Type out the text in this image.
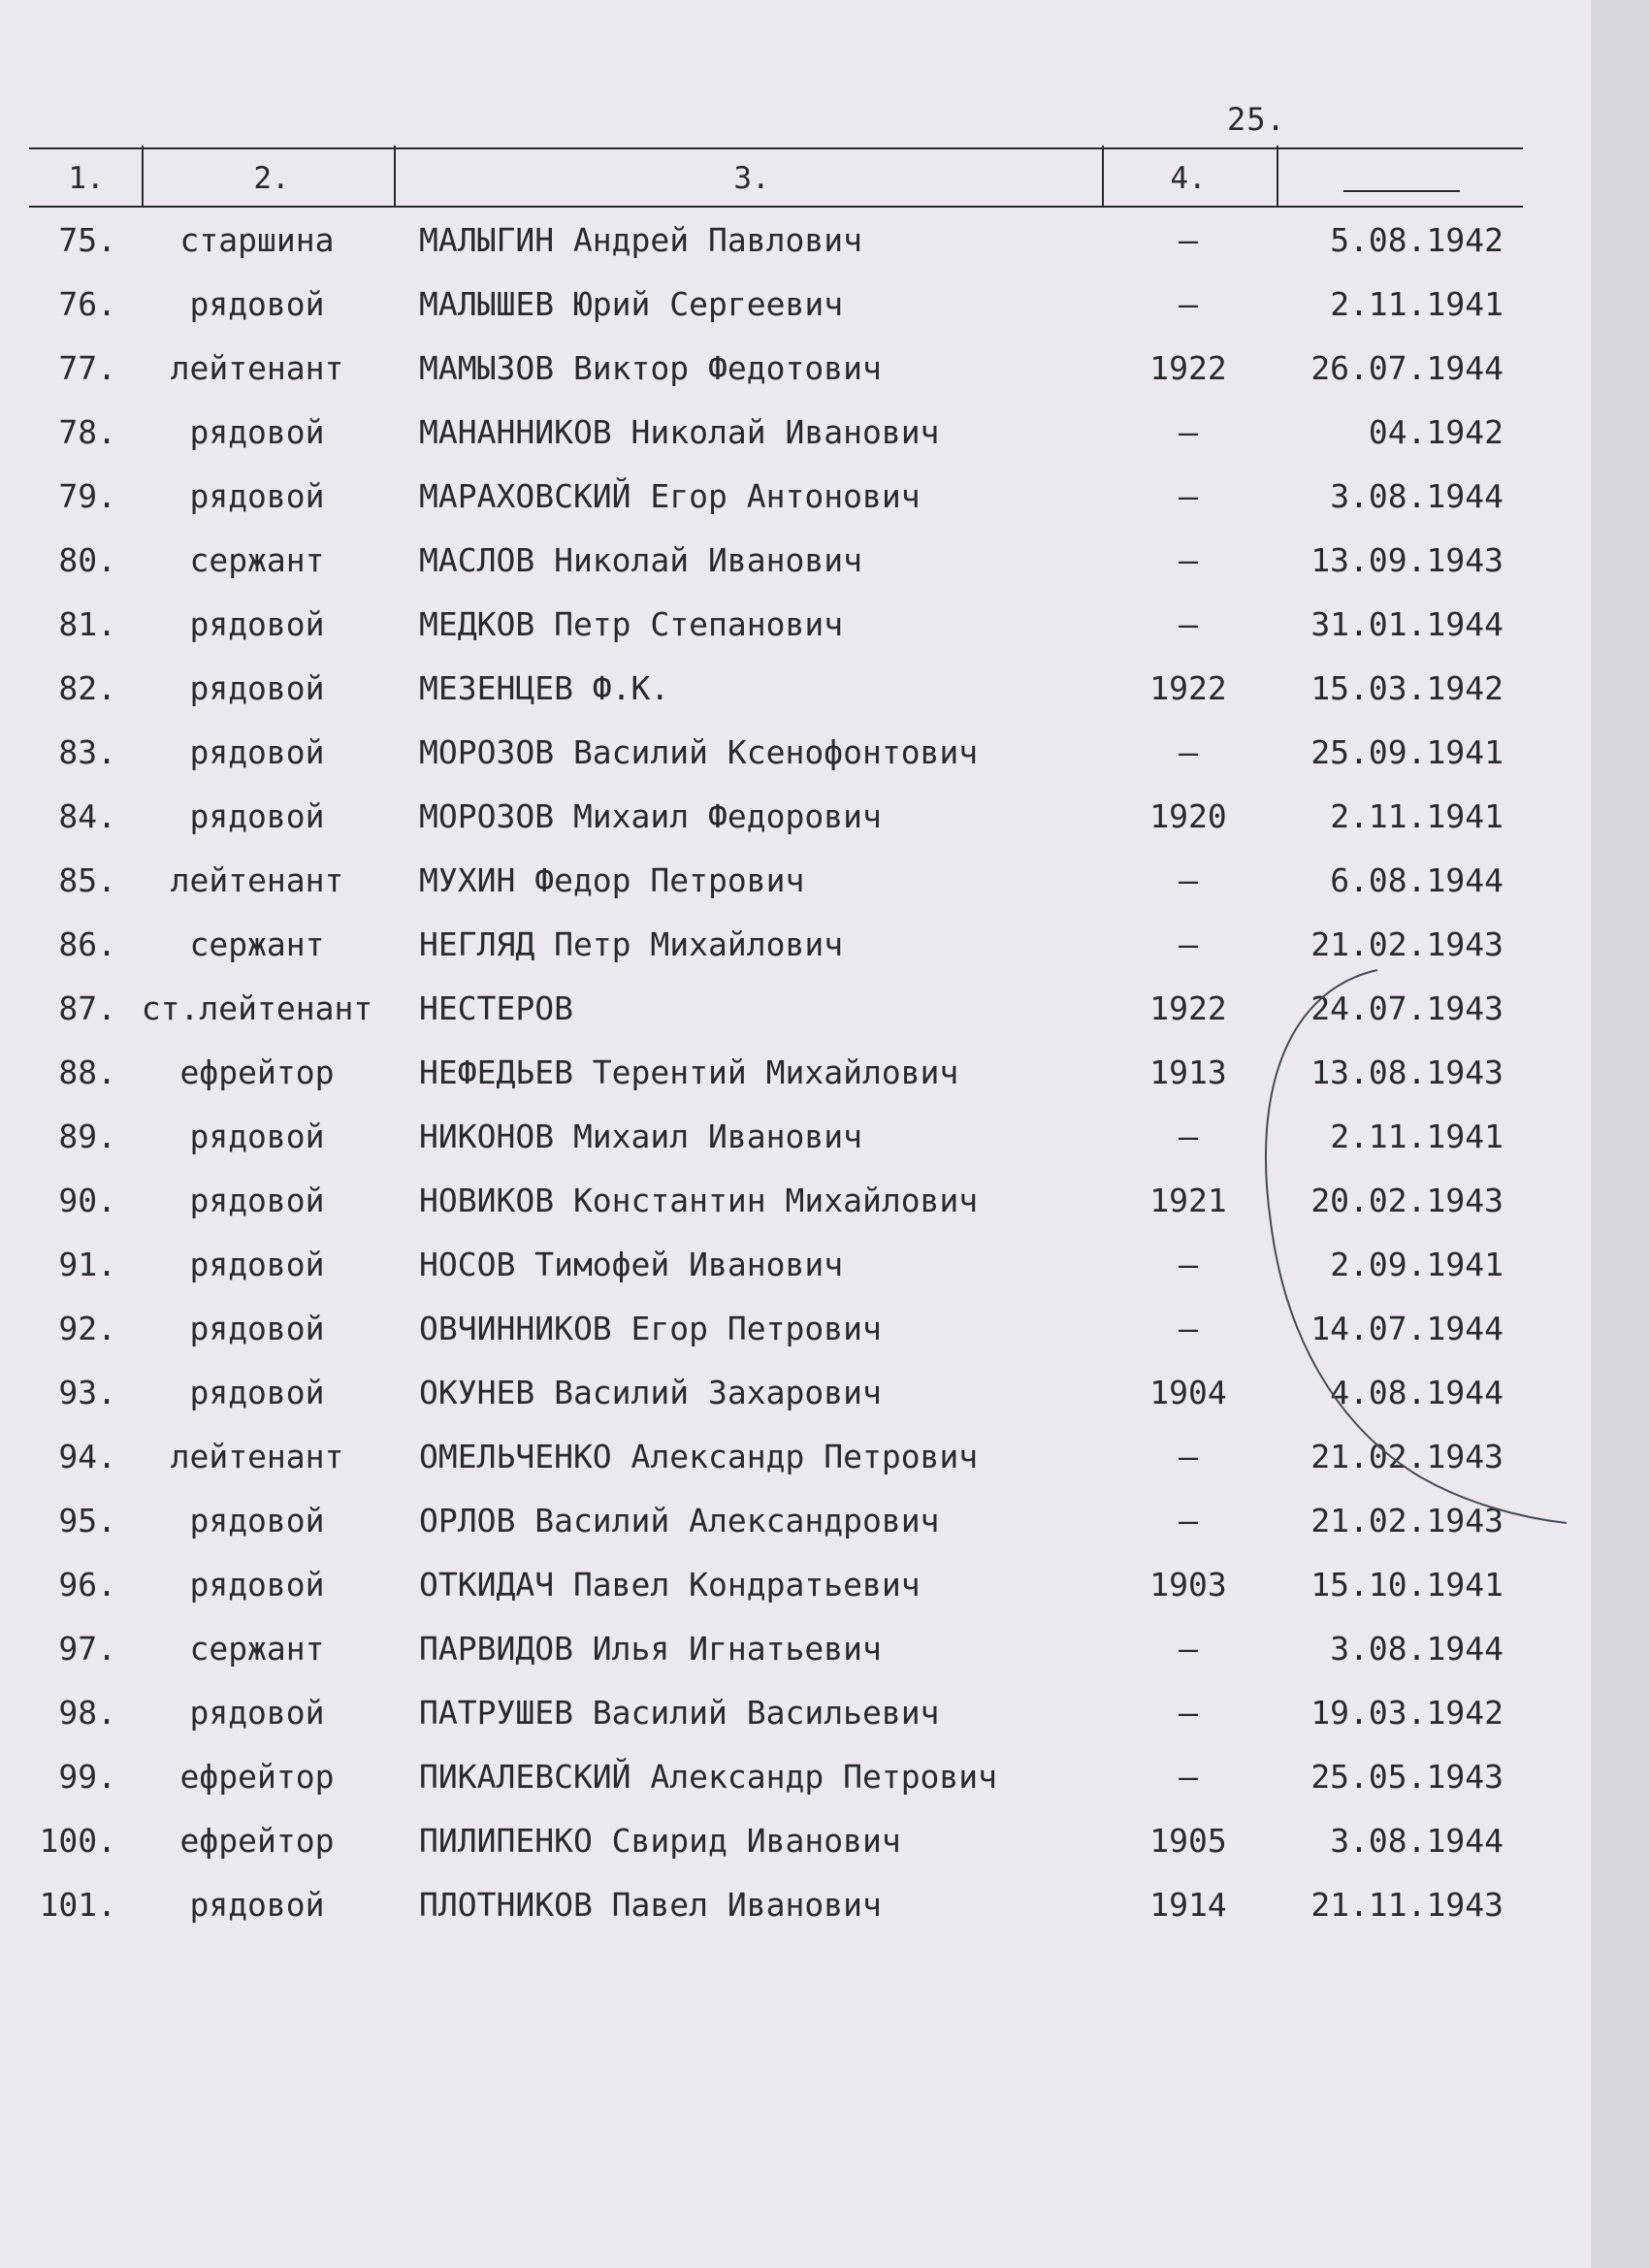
25.
1.	2.	3.	4.
75.	старшина	МАЛЫГИН Андрей Павлович	–	5.08.1942
76.	рядовой	МАЛЫШЕВ Юрий Сергеевич	–	2.11.1941
77.	лейтенант	МАМЫЗОВ Виктор Федотович	1922	26.07.1944
78.	рядовой	МАНАННИКОВ Николай Иванович	–	04.1942
79.	рядовой	МАРАХОВСКИЙ Егор Антонович	–	3.08.1944
80.	сержант	МАСЛОВ Николай Иванович	–	13.09.1943
81.	рядовой	МЕДКОВ Петр Степанович	–	31.01.1944
82.	рядовой	МЕЗЕНЦЕВ Ф.К.	1922	15.03.1942
83.	рядовой	МОРОЗОВ Василий Ксенофонтович	–	25.09.1941
84.	рядовой	МОРОЗОВ Михаил Федорович	1920	2.11.1941
85.	лейтенант	МУХИН Федор Петрович	–	6.08.1944
86.	сержант	НЕГЛЯД Петр Михайлович	–	21.02.1943
87. ст.лейтенант НЕСТЕРОВ	1922	24.07.1943
88.	ефрейтор	НЕФЕДЬЕВ Терентий Михайлович	1913	13.08.1943
89.	рядовой	НИКОНОВ Михаил Иванович	–	2.11.1941
90.	рядовой	НОВИКОВ Константин Михайлович	1921	20.02.1943
91.	рядовой	НОСОВ Тимофей Иванович	–	2.09.1941
92.	рядовой	ОВЧИННИКОВ Егор Петрович	–	14.07.1944
93.	рядовой	ОКУНЕВ Василий Захарович	1904	4.08.1944
94.	лейтенант	ОМЕЛЬЧЕНКО Александр Петрович	–	21.02.1943
95.	рядовой	ОРЛОВ Василий Александрович	–	21.02.1943
96.	рядовой	ОТКИДАЧ Павел Кондратьевич	1903	15.10.1941
97.	сержант	ПАРВИДОВ Илья Игнатьевич	–	3.08.1944
98.	рядовой	ПАТРУШЕВ Василий Васильевич	–	19.03.1942
99.	ефрейтор	ПИКАЛЕВСКИЙ Александр Петрович	–	25.05.1943
100.	ефрейтор	ПИЛИПЕНКО Свирид Иванович	1905	3.08.1944
101.	рядовой	ПЛОТНИКОВ Павел Иванович	1914	21.11.1943
